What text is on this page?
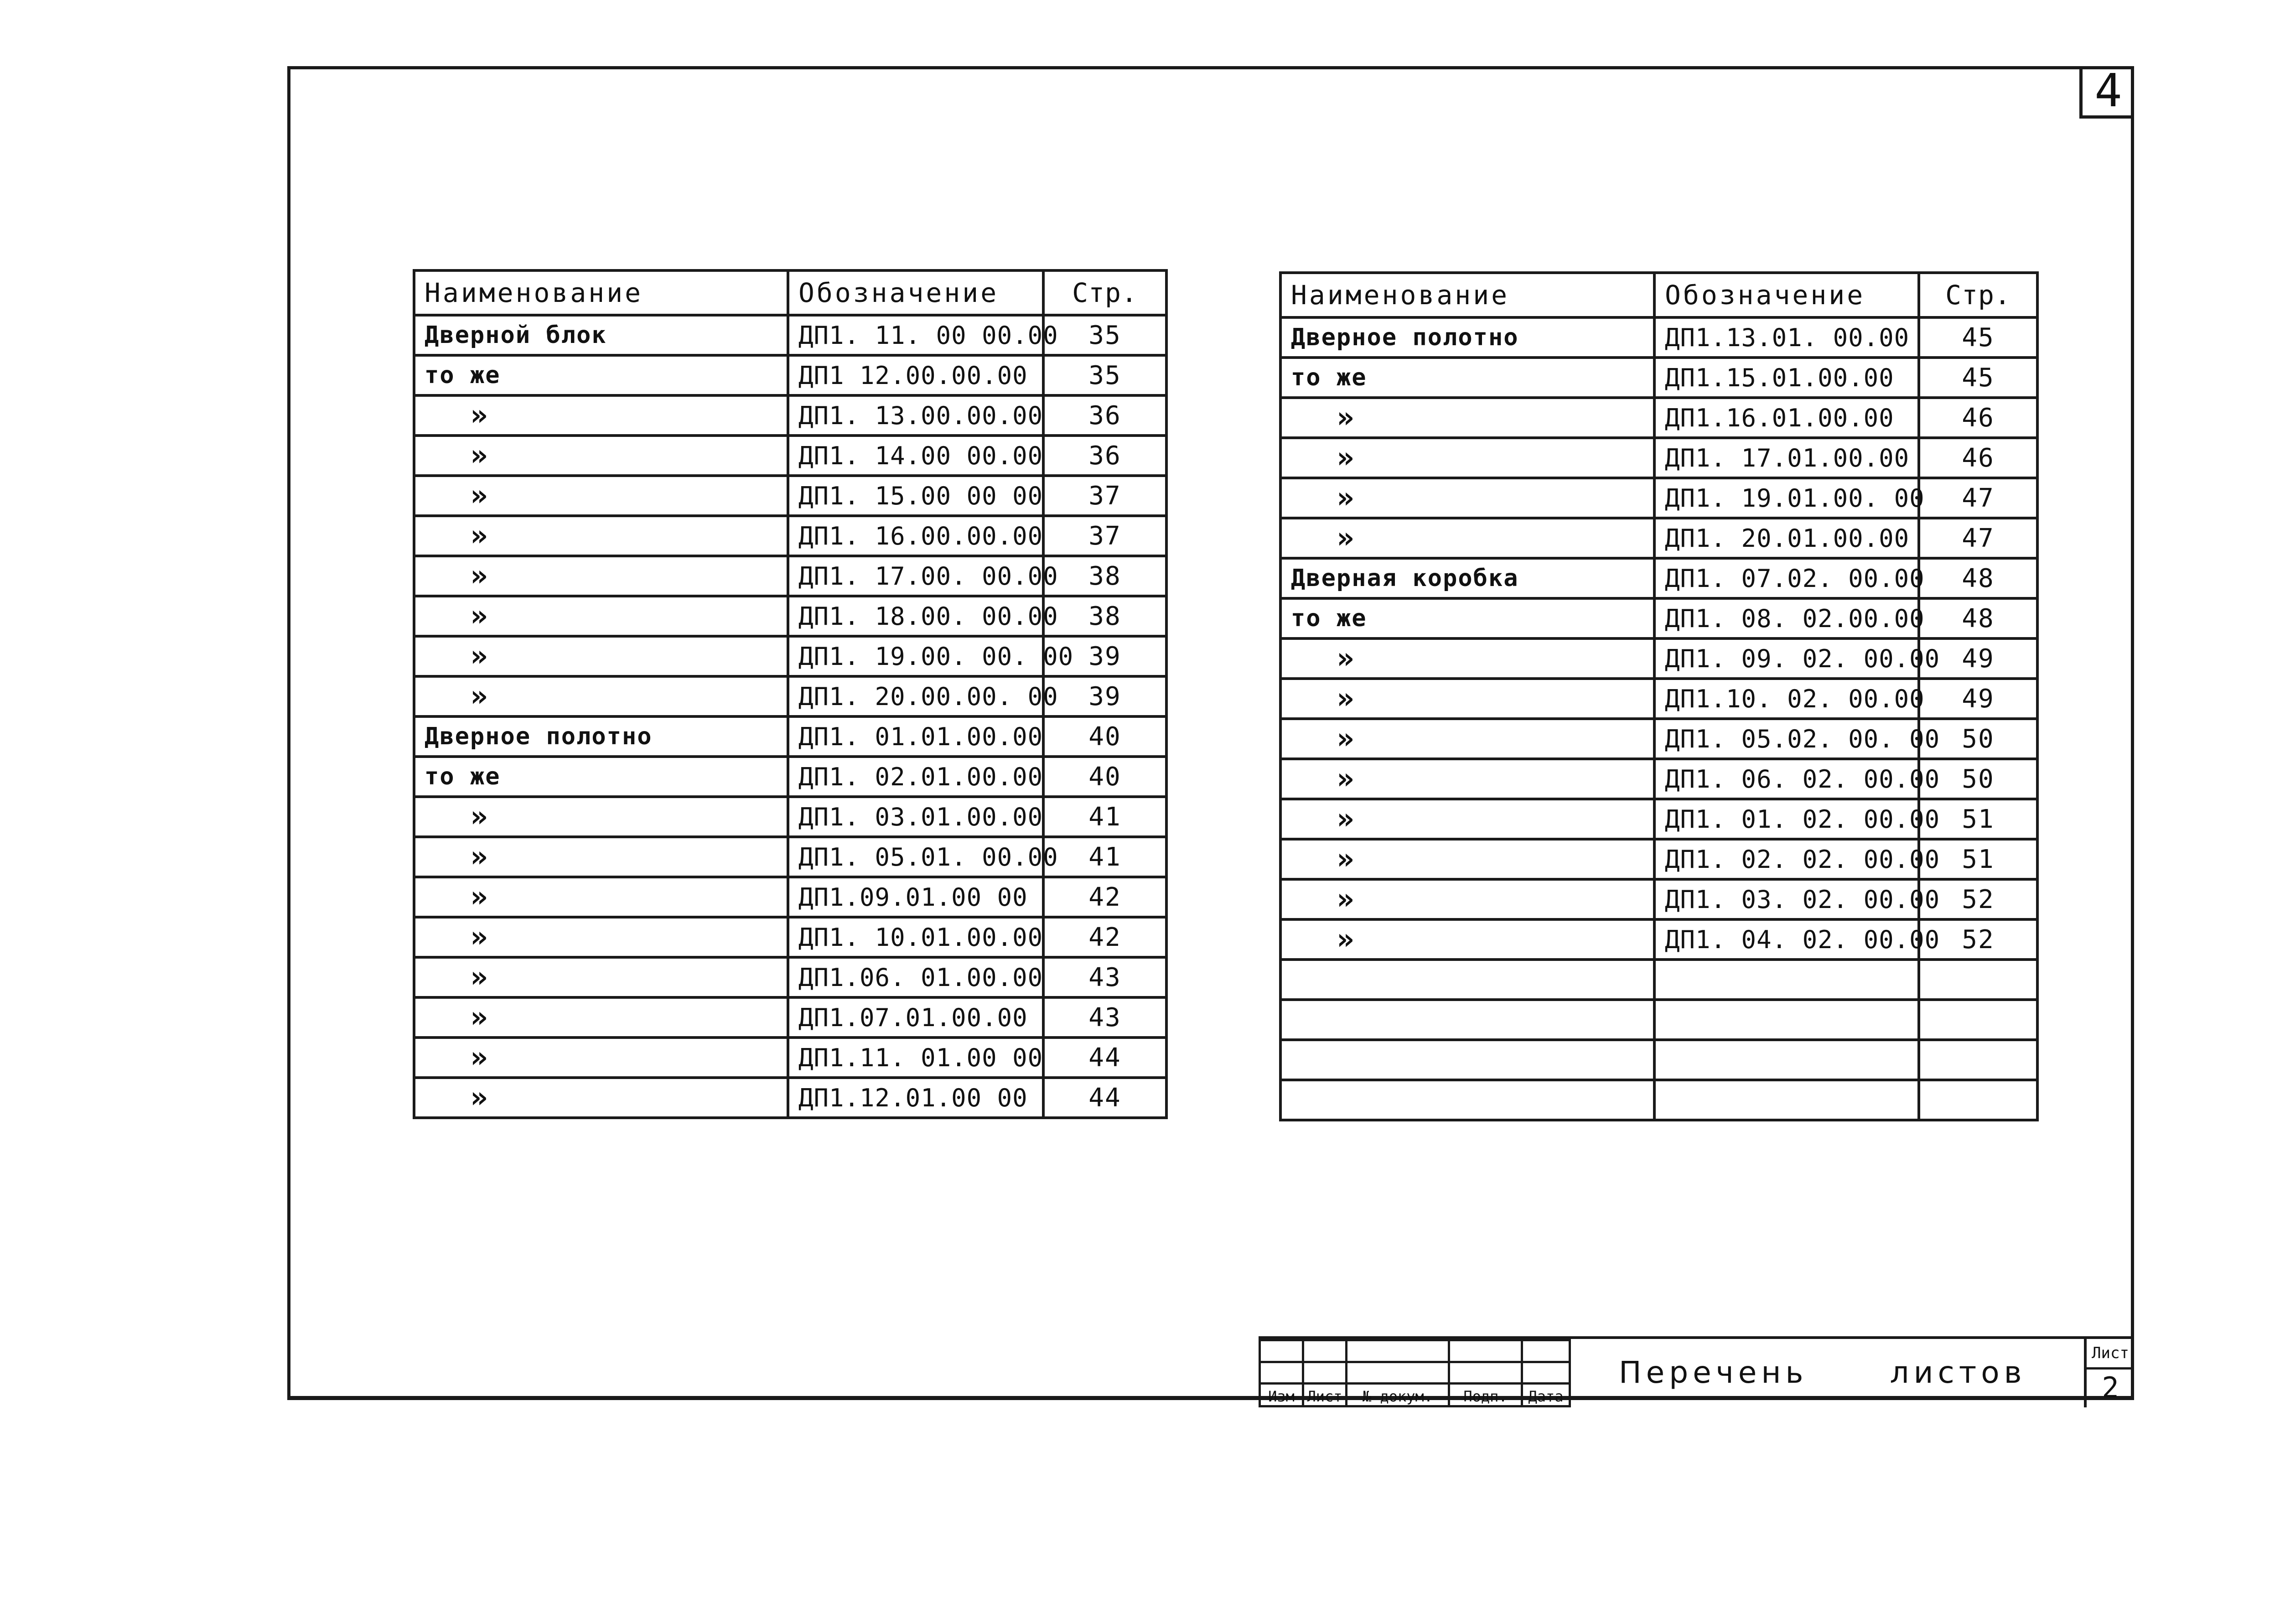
4
Наименование	Обозначение	Стр.
Дверной блок	ДП1. 11. 00 00.00	35
то же	ДП1 12.00.00.00	35
»	ДП1. 13.00.00.00	36
»	ДП1. 14.00 00.00	36
»	ДП1. 15.00 00 00	37
»	ДП1. 16.00.00.00	37
»	ДП1. 17.00. 00.00	38
»	ДП1. 18.00. 00.00	38
»	ДП1. 19.00. 00. 00	39
»	ДП1. 20.00.00. 00	39
Дверное полотно	ДП1. 01.01.00.00	40
то же	ДП1. 02.01.00.00	40
»	ДП1. 03.01.00.00	41
»	ДП1. 05.01. 00.00	41
»	ДП1.09.01.00 00	42
»	ДП1. 10.01.00.00	42
»	ДП1.06. 01.00.00	43
»	ДП1.07.01.00.00	43
»	ДП1.11. 01.00 00	44
»	ДП1.12.01.00 00	44
Наименование	Обозначение	Стр.
Дверное полотно	ДП1.13.01. 00.00	45
то же	ДП1.15.01.00.00	45
»	ДП1.16.01.00.00	46
»	ДП1. 17.01.00.00	46
»	ДП1. 19.01.00. 00	47
»	ДП1. 20.01.00.00	47
Дверная коробка	ДП1. 07.02. 00.00	48
то же	ДП1. 08. 02.00.00	48
»	ДП1. 09. 02. 00.00	49
»	ДП1.10. 02. 00.00	49
»	ДП1. 05.02. 00. 00	50
»	ДП1. 06. 02. 00.00	50
»	ДП1. 01. 02. 00.00	51
»	ДП1. 02. 02. 00.00	51
»	ДП1. 03. 02. 00.00	52
»	ДП1. 04. 02. 00.00	52

Изм	Лист	№ докум.	Подп.	Дата
Перечень	листов
Лист
2
